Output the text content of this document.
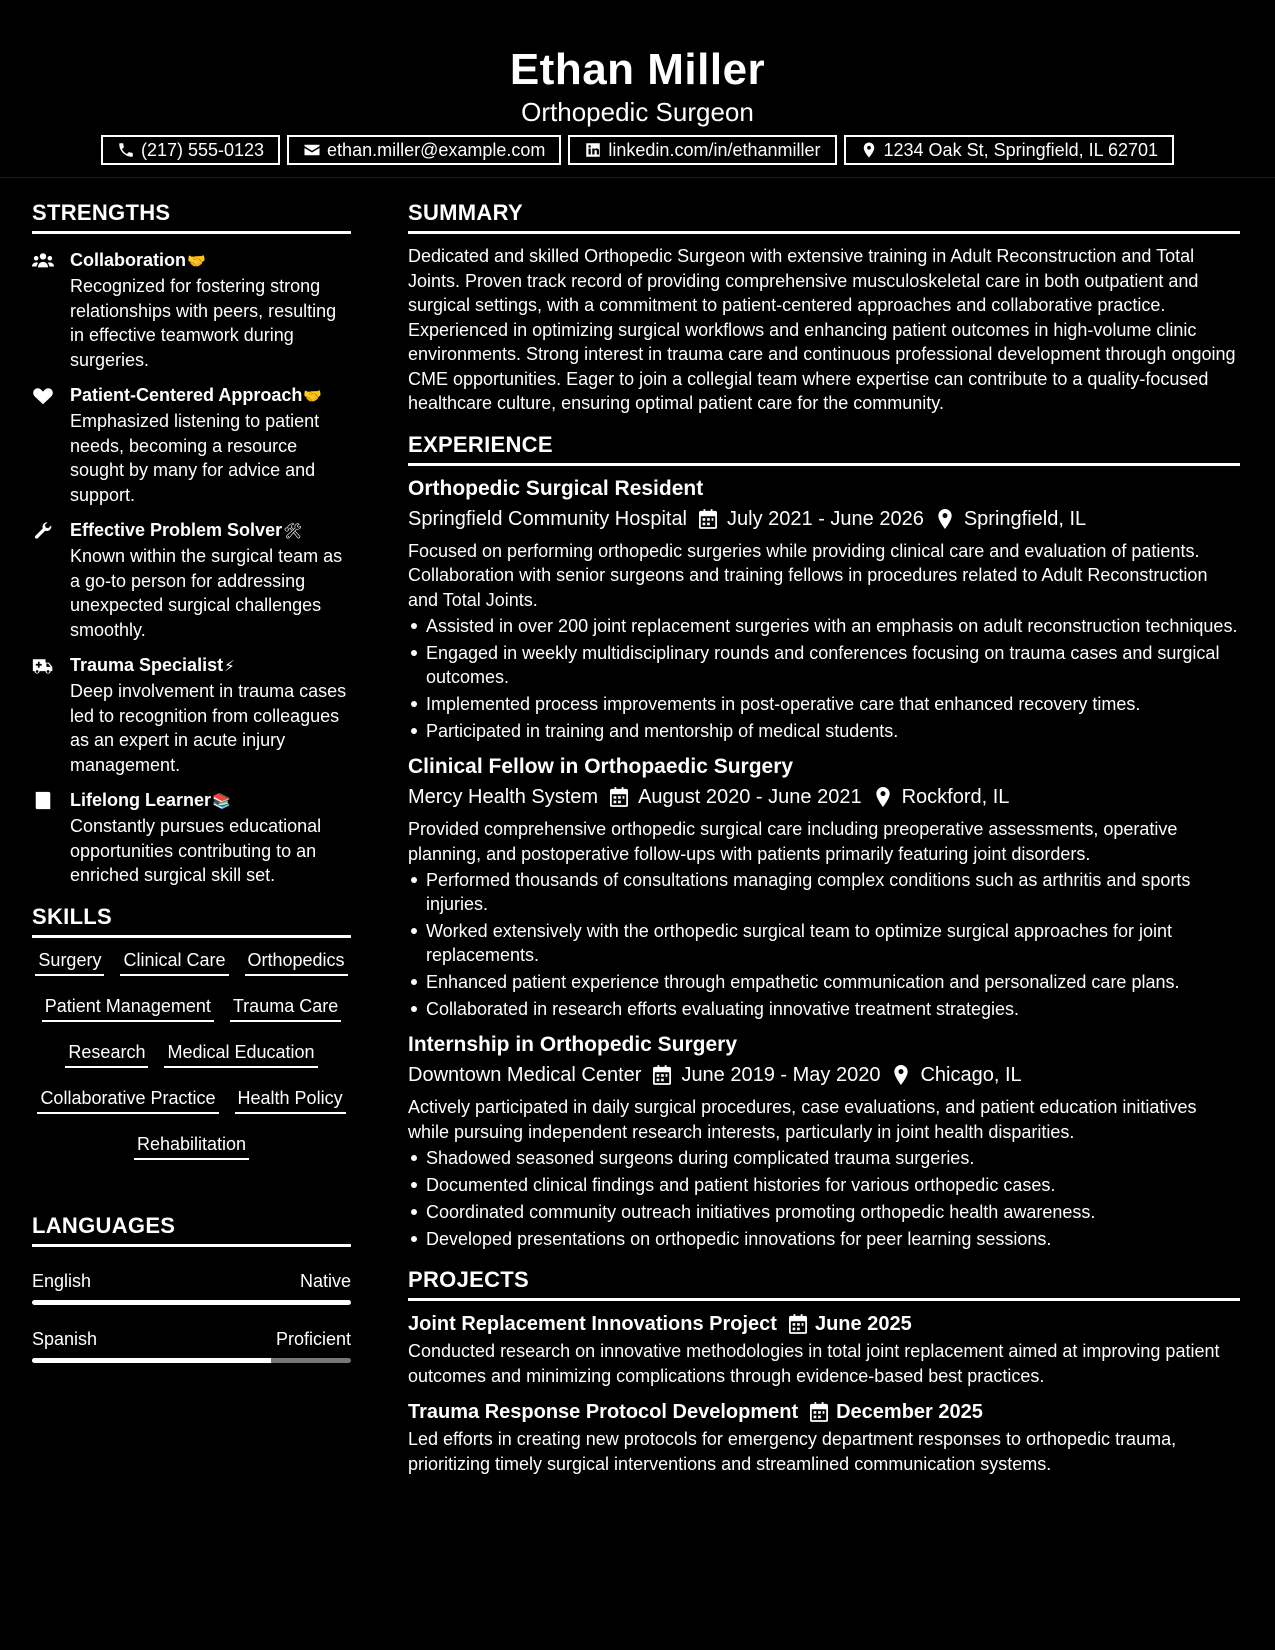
Ethan Miller
Orthopedic Surgeon
(217) 555-0123	ethan.miller@example.com	linkedin.com/in/ethanmiller	1234 Oak St, Springfield, IL 62701
STRENGTHS
Collaboration🤝
Recognized for fostering strong relationships with peers, resulting in effective teamwork during surgeries.
Patient-Centered Approach🤝
Emphasized listening to patient needs, becoming a resource sought by many for advice and support.
Effective Problem Solver🛠
Known within the surgical team as a go-to person for addressing unexpected surgical challenges smoothly.
Trauma Specialist⚡
Deep involvement in trauma cases led to recognition from colleagues as an expert in acute injury management.
Lifelong Learner📚
Constantly pursues educational opportunities contributing to an enriched surgical skill set.
SKILLS
Surgery Clinical Care Orthopedics
Patient Management Trauma Care
Research Medical Education
Collaborative Practice Health Policy
Rehabilitation
LANGUAGES
English	Native
Spanish	Proficient
SUMMARY
Dedicated and skilled Orthopedic Surgeon with extensive training in Adult Reconstruction and Total Joints. Proven track record of providing comprehensive musculoskeletal care in both outpatient and surgical settings, with a commitment to patient-centered approaches and collaborative practice. Experienced in optimizing surgical workflows and enhancing patient outcomes in high-volume clinic environments. Strong interest in trauma care and continuous professional development through ongoing CME opportunities. Eager to join a collegial team where expertise can contribute to a quality-focused healthcare culture, ensuring optimal patient care for the community.
EXPERIENCE
Orthopedic Surgical Resident
Springfield Community Hospital July 2021 - June 2026 Springfield, IL
Focused on performing orthopedic surgeries while providing clinical care and evaluation of patients. Collaboration with senior surgeons and training fellows in procedures related to Adult Reconstruction and Total Joints.
Assisted in over 200 joint replacement surgeries with an emphasis on adult reconstruction techniques.
Engaged in weekly multidisciplinary rounds and conferences focusing on trauma cases and surgical outcomes.
Implemented process improvements in post-operative care that enhanced recovery times.
Participated in training and mentorship of medical students.
Clinical Fellow in Orthopaedic Surgery
Mercy Health System August 2020 - June 2021 Rockford, IL
Provided comprehensive orthopedic surgical care including preoperative assessments, operative planning, and postoperative follow-ups with patients primarily featuring joint disorders.
Performed thousands of consultations managing complex conditions such as arthritis and sports injuries.
Worked extensively with the orthopedic surgical team to optimize surgical approaches for joint replacements.
Enhanced patient experience through empathetic communication and personalized care plans.
Collaborated in research efforts evaluating innovative treatment strategies.
Internship in Orthopedic Surgery
Downtown Medical Center June 2019 - May 2020 Chicago, IL
Actively participated in daily surgical procedures, case evaluations, and patient education initiatives while pursuing independent research interests, particularly in joint health disparities.
Shadowed seasoned surgeons during complicated trauma surgeries.
Documented clinical findings and patient histories for various orthopedic cases.
Coordinated community outreach initiatives promoting orthopedic health awareness.
Developed presentations on orthopedic innovations for peer learning sessions.
PROJECTS
Joint Replacement Innovations Project June 2025
Conducted research on innovative methodologies in total joint replacement aimed at improving patient outcomes and minimizing complications through evidence-based best practices.
Trauma Response Protocol Development December 2025
Led efforts in creating new protocols for emergency department responses to orthopedic trauma, prioritizing timely surgical interventions and streamlined communication systems.
